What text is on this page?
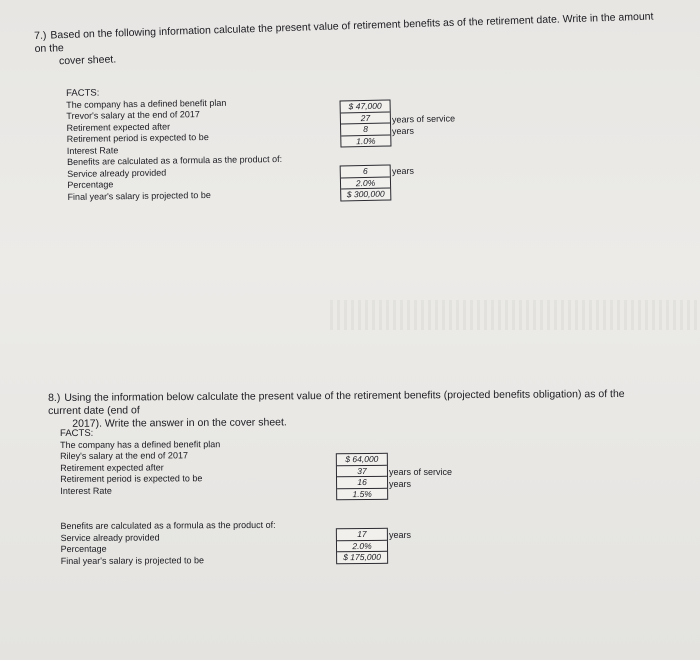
7.) Based on the following information calculate the present value of retirement benefits as of the retirement date. Write in the amount on the
cover sheet.
FACTS:
The company has a defined benefit plan
Trevor's salary at the end of 2017
Retirement expected after
Retirement period is expected to be
Interest Rate
Benefits are calculated as a formula as the product of:
Service already provided
Percentage
Final year's salary is projected to be
$ 47,000
27
8
1.0%
years of service
years
6
2.0%
$ 300,000
years
8.) Using the information below calculate the present value of the retirement benefits (projected benefits obligation) as of the current date (end of
2017). Write the answer in on the cover sheet.
FACTS:
The company has a defined benefit plan
Riley's salary at the end of 2017
Retirement expected after
Retirement period is expected to be
Interest Rate
Benefits are calculated as a formula as the product of:
Service already provided
Percentage
Final year's salary is projected to be
$ 64,000
37
16
1.5%
years of service
years
17
2.0%
$ 175,000
years
